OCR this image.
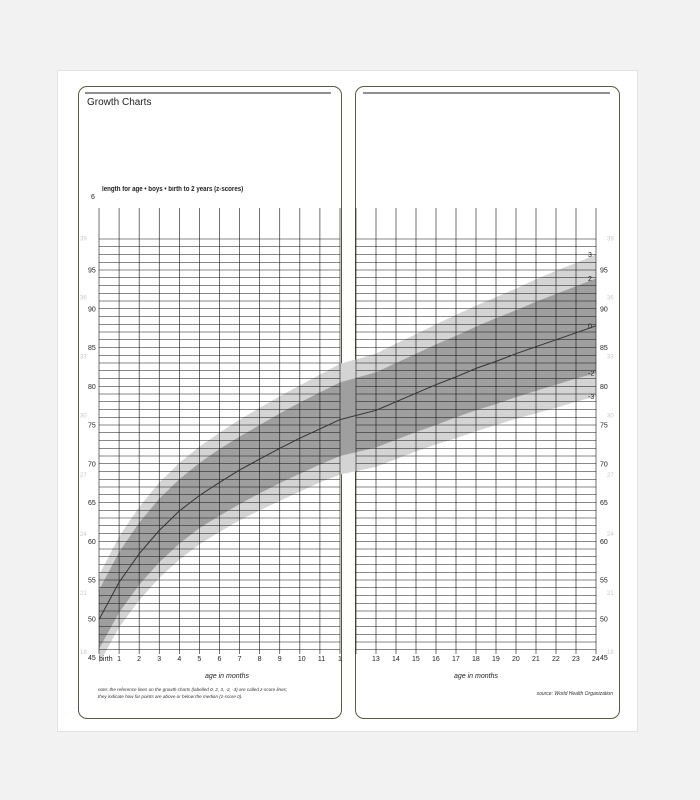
45	45
50	50
55	55
60	60
65	65
70	70
75	75
80	80
85	85
90	90
95	95
18	18
21	21
24	24
27	27
30	30
33	33
36	36
39	39
birth 1 2 3 4 5 6 7 8 9 10 11 1	13 14 15 16 17 18 19 20 21 22 23 24
3
2
0
-2
-3
6
age in months	age in months
Growth Charts
length for age • boys • birth to 2 years (z-scores)
note: the reference lines on the growth charts (labelled 0, 2, 3, -2, -3) are called z-score lines;
they indicate how far points are above or below the median (z-score 0).	source: World Health Organization
